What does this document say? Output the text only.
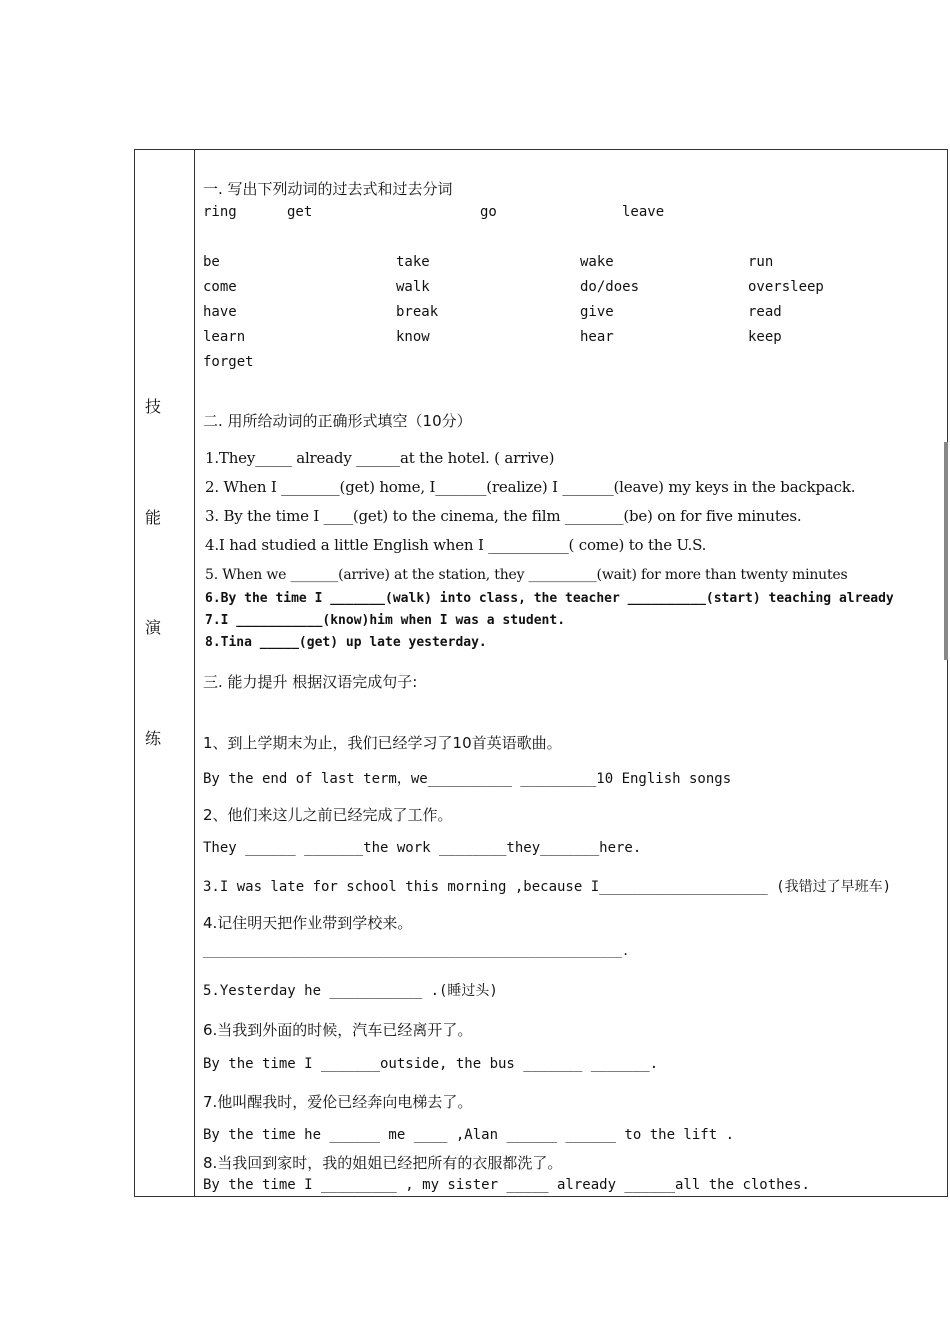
技
能
演
练
一. 写出下列动词的过去式和过去分词
ring	get	go	leave
be	take	wake	run
come	walk	do/does	oversleep
have	break	give	read
learn	know	hear	keep
forget
二. 用所给动词的正确形式填空（10分）
1.They_____ already ______at the hotel. ( arrive)
2. When I ________(get) home, I_______(realize) I _______(leave) my keys in the backpack.
3. By the time I ____(get) to the cinema, the film ________(be) on for five minutes.
4.I had studied a little English when I ___________( come) to the U.S.
5. When we _______(arrive) at the station, they __________(wait) for more than twenty minutes
6.By the time I _______(walk) into class, the teacher __________(start) teaching already
7.I ___________(know)him when I was a student.
8.Tina _____(get) up late yesterday.
三. 能力提升 根据汉语完成句子:
1、到上学期末为止，我们已经学习了10首英语歌曲。
By the end of last term，we__________ _________10 English songs
2、他们来这儿之前已经完成了工作。
They ______ _______the work ________they_______here.
3.I was late for school this morning ,because I____________________ (我错过了早班车)
4.记住明天把作业带到学校来。
__________________________________________________________.
5.Yesterday he ___________ .(睡过头)
6.当我到外面的时候，汽车已经离开了。
By the time I _______outside, the bus _______ _______.
7.他叫醒我时，爱伦已经奔向电梯去了。
By the time he ______ me ____ ,Alan ______ ______ to the lift .
8.当我回到家时，我的姐姐已经把所有的衣服都洗了。
By the time I _________ , my sister _____ already ______all the clothes.
